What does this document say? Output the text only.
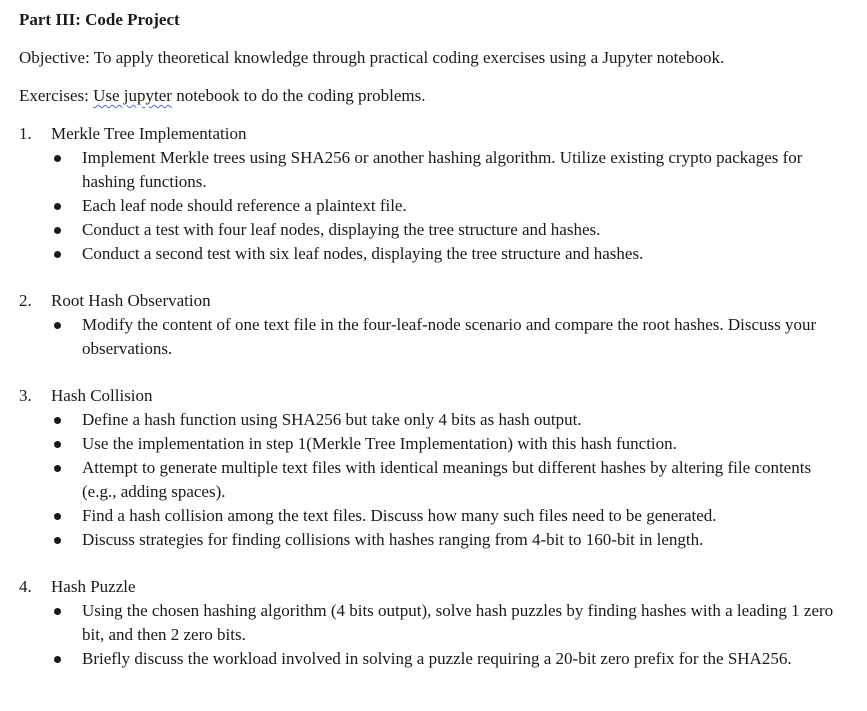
Part III: Code Project
Objective: To apply theoretical knowledge through practical coding exercises using a Jupyter notebook.
Exercises: Use jupyter notebook to do the coding problems.
1.	Merkle Tree Implementation
Implement Merkle trees using SHA256 or another hashing algorithm. Utilize existing crypto packages for hashing functions.
Each leaf node should reference a plaintext file.
Conduct a test with four leaf nodes, displaying the tree structure and hashes.
Conduct a second test with six leaf nodes, displaying the tree structure and hashes.
2.	Root Hash Observation
Modify the content of one text file in the four-leaf-node scenario and compare the root hashes. Discuss your observations.
3.	Hash Collision
Define a hash function using SHA256 but take only 4 bits as hash output.
Use the implementation in step 1(Merkle Tree Implementation) with this hash function.
Attempt to generate multiple text files with identical meanings but different hashes by altering file contents (e.g., adding spaces).
Find a hash collision among the text files. Discuss how many such files need to be generated.
Discuss strategies for finding collisions with hashes ranging from 4-bit to 160-bit in length.
4.	Hash Puzzle
Using the chosen hashing algorithm (4 bits output), solve hash puzzles by finding hashes with a leading 1 zero bit, and then 2 zero bits.
Briefly discuss the workload involved in solving a puzzle requiring a 20-bit zero prefix for the SHA256.
